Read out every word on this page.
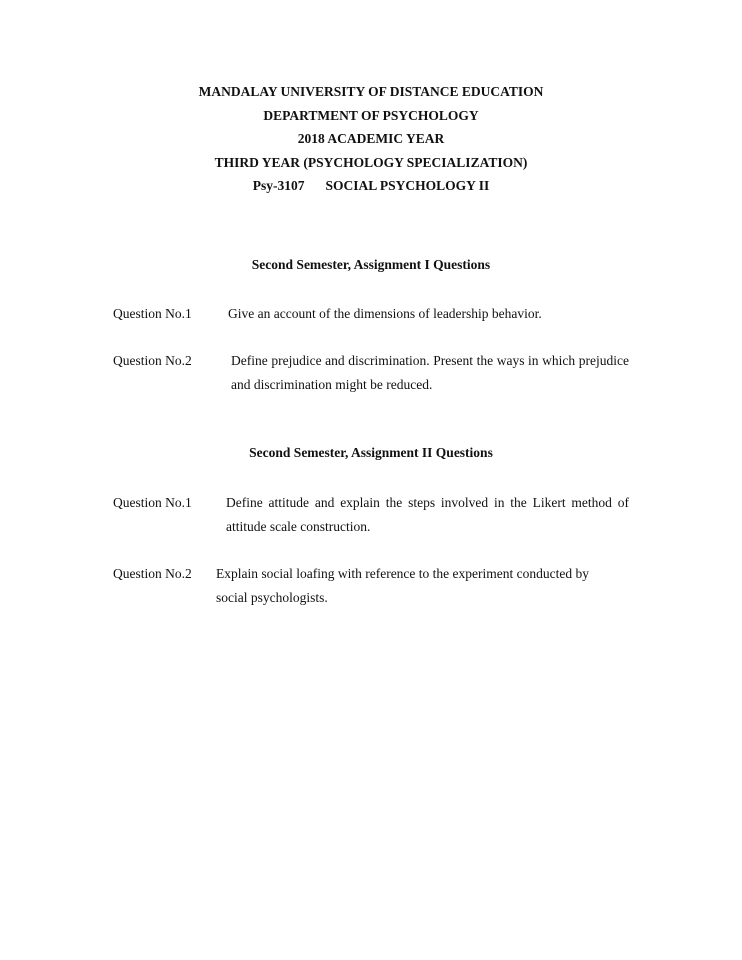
MANDALAY UNIVERSITY OF DISTANCE EDUCATION
DEPARTMENT OF PSYCHOLOGY
2018 ACADEMIC YEAR
THIRD YEAR (PSYCHOLOGY SPECIALIZATION)
Psy-3107 SOCIAL PSYCHOLOGY II
Second Semester, Assignment I Questions
Question No.1	Give an account of the dimensions of leadership behavior.
Question No.2	Define prejudice and discrimination. Present the ways in which prejudice and discrimination might be reduced.
Second Semester, Assignment II Questions
Question No.1	Define attitude and explain the steps involved in the Likert method of attitude scale construction.
Question No.2 Explain social loafing with reference to the experiment conducted by social psychologists.
